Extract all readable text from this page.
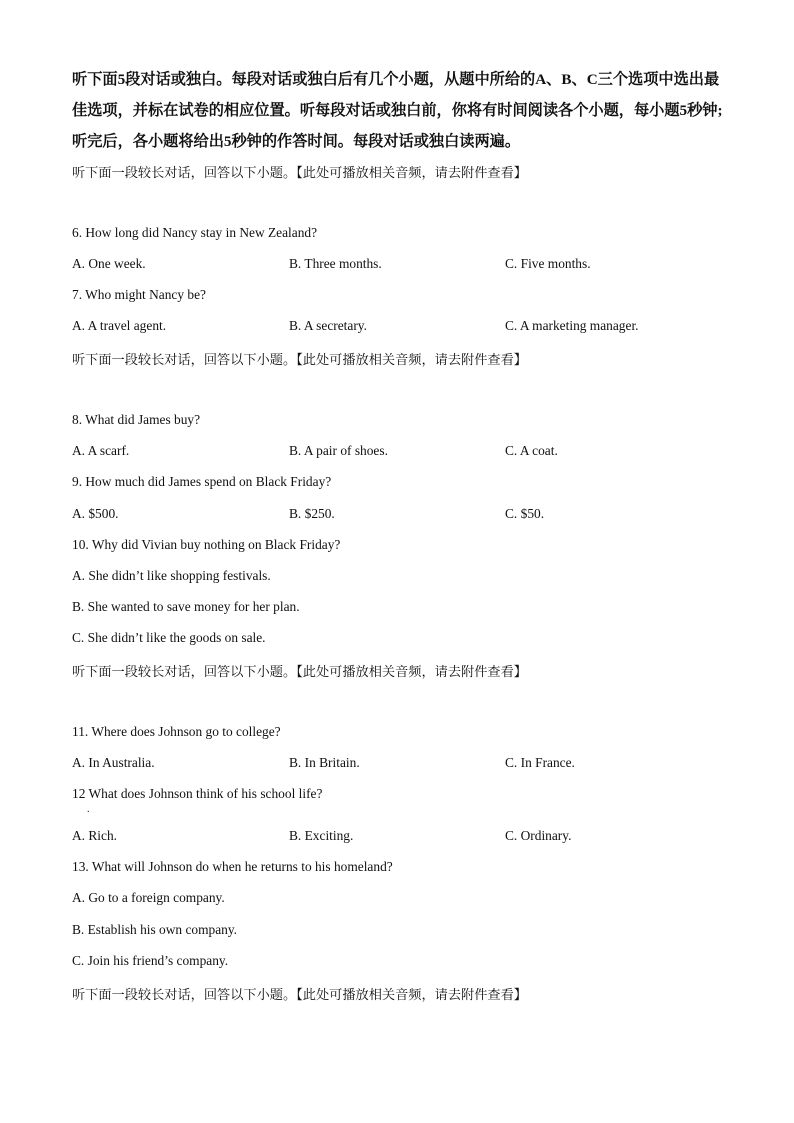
听下面5段对话或独白。每段对话或独白后有几个小题，从题中所给的A、B、C三个选项中选出最佳选项，并标在试卷的相应位置。听每段对话或独白前，你将有时间阅读各个小题，每小题5秒钟;听完后，各小题将给出5秒钟的作答时间。每段对话或独白读两遍。
听下面一段较长对话，回答以下小题。【此处可播放相关音频，请去附件查看】
6. How long did Nancy stay in New Zealand?
A. One week.	B. Three months.	C. Five months.
7. Who might Nancy be?
A. A travel agent.	B. A secretary.	C. A marketing manager.
听下面一段较长对话，回答以下小题。【此处可播放相关音频，请去附件查看】
8. What did James buy?
A. A scarf.	B. A pair of shoes.	C. A coat.
9. How much did James spend on Black Friday?
A. $500.	B. $250.	C. $50.
10. Why did Vivian buy nothing on Black Friday?
A. She didn’t like shopping festivals.
B. She wanted to save money for her plan.
C. She didn’t like the goods on sale.
听下面一段较长对话，回答以下小题。【此处可播放相关音频，请去附件查看】
11. Where does Johnson go to college?
A. In Australia.	B. In Britain.	C. In France.
12 What does Johnson think of his school life?
.
A. Rich.	B. Exciting.	C. Ordinary.
13. What will Johnson do when he returns to his homeland?
A. Go to a foreign company.
B. Establish his own company.
C. Join his friend’s company.
听下面一段较长对话，回答以下小题。【此处可播放相关音频，请去附件查看】
